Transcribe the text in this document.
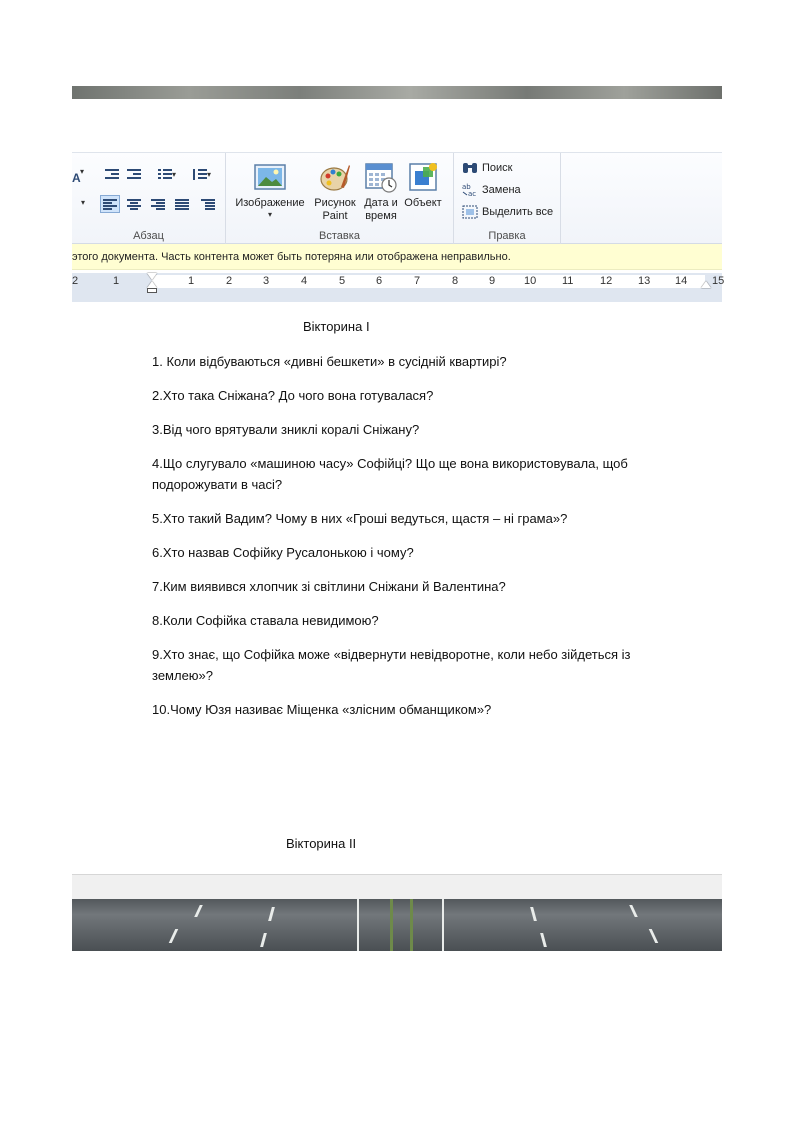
A ▾
▾
▾	▾
Абзац
Изображение
▾
Рисунок
Paint
Дата и
время
Объект
Вставка
Поиск
ab
ac Замена
Выделить все
Правка
этого документа. Часть контента может быть потеряна или отображена неправильно.
2	1	1	2	3	4	5	6	7	8	9	10 11 12 13 14 15
Вікторина І
1. Коли відбуваються «дивні бешкети» в сусідній квартирі?
2.Хто така Сніжана? До чого вона готувалася?
3.Від чого врятували зниклі коралі Сніжану?
4.Що слугувало «машиною часу» Софійці? Що ще вона використовувала, щоб подорожувати в часі?
5.Хто такий Вадим? Чому в них «Гроші ведуться, щастя – ні грама»?
6.Хто назвав Софійку Русалонькою і чому?
7.Ким виявився хлопчик зі світлини Сніжани й Валентина?
8.Коли Софійка ставала невидимою?
9.Хто знає, що Софійка може «відвернути невідворотне, коли небо зійдеться із землею»?
10.Чому Юзя називає Міщенка «злісним обманщиком»?
Вікторина ІІ
